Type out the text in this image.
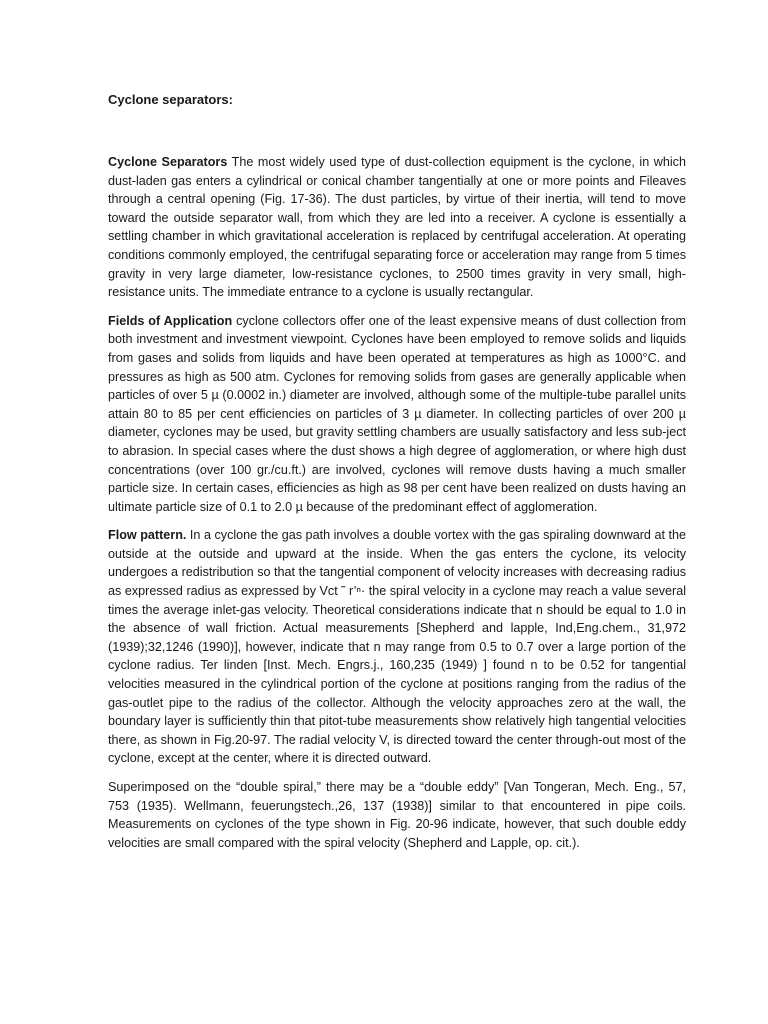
Cyclone separators:

Cyclone Separators The most widely used type of dust-collection equipment is the cyclone, in which dust-laden gas enters a cylindrical or conical chamber tangentially at one or more points and Fileaves through a central opening (Fig. 17-36). The dust particles, by virtue of their inertia, will tend to move toward the outside separator wall, from which they are led into a receiver. A cyclone is essentially a settling chamber in which gravitational acceleration is replaced by centrifugal acceleration. At operating conditions commonly employed, the centrifugal separating force or acceleration may range from 5 times gravity in very large diameter, low-resistance cyclones, to 2500 times gravity in very small, high-resistance units. The immediate entrance to a cyclone is usually rectangular.

Fields of Application cyclone collectors offer one of the least expensive means of dust collection from both investment and investment viewpoint. Cyclones have been employed to remove solids and liquids from gases and solids from liquids and have been operated at temperatures as high as 1000°C. and pressures as high as 500 atm. Cyclones for removing solids from gases are generally applicable when particles of over 5 µ (0.0002 in.) diameter are involved, although some of the multiple-tube parallel units attain 80 to 85 per cent efficiencies on particles of 3 µ diameter. In collecting particles of over 200 µ diameter, cyclones may be used, but gravity settling chambers are usually satisfactory and less sub-ject to abrasion. In special cases where the dust shows a high degree of agglomeration, or where high dust concentrations (over 100 gr./cu.ft.) are involved, cyclones will remove dusts having a much smaller particle size. In certain cases, efficiencies as high as 98 per cent have been realized on dusts having an ultimate particle size of 0.1 to 2.0 µ because of the predominant effect of agglomeration.

Flow pattern. In a cyclone the gas path involves a double vortex with the gas spiraling downward at the outside at the outside and upward at the inside. When the gas enters the cyclone, its velocity undergoes a redistribution so that the tangential component of velocity increases with decreasing radius as expressed radius as expressed by Vct ˜ r’ⁿ· the spiral velocity in a cyclone may reach a value several times the average inlet-gas velocity. Theoretical considerations indicate that n should be equal to 1.0 in the absence of wall friction. Actual measurements [Shepherd and lapple, Ind,Eng.chem., 31,972 (1939);32,1246 (1990)], however, indicate that n may range from 0.5 to 0.7 over a large portion of the cyclone radius. Ter linden [Inst. Mech. Engrs.j., 160,235 (1949) ] found n to be 0.52 for tangential velocities measured in the cylindrical portion of the cyclone at positions ranging from the radius of the gas-outlet pipe to the radius of the collector. Although the velocity approaches zero at the wall, the boundary layer is sufficiently thin that pitot-tube measurements show relatively high tangential velocities there, as shown in Fig.20-97. The radial velocity V, is directed toward the center through-out most of the cyclone, except at the center, where it is directed outward.

Superimposed on the “double spiral,” there may be a “double eddy” [Van Tongeran, Mech. Eng., 57, 753 (1935). Wellmann, feuerungstech.,26, 137 (1938)] similar to that encountered in pipe coils. Measurements on cyclones of the type shown in Fig. 20-96 indicate, however, that such double eddy velocities are small compared with the spiral velocity (Shepherd and Lapple, op. cit.).
